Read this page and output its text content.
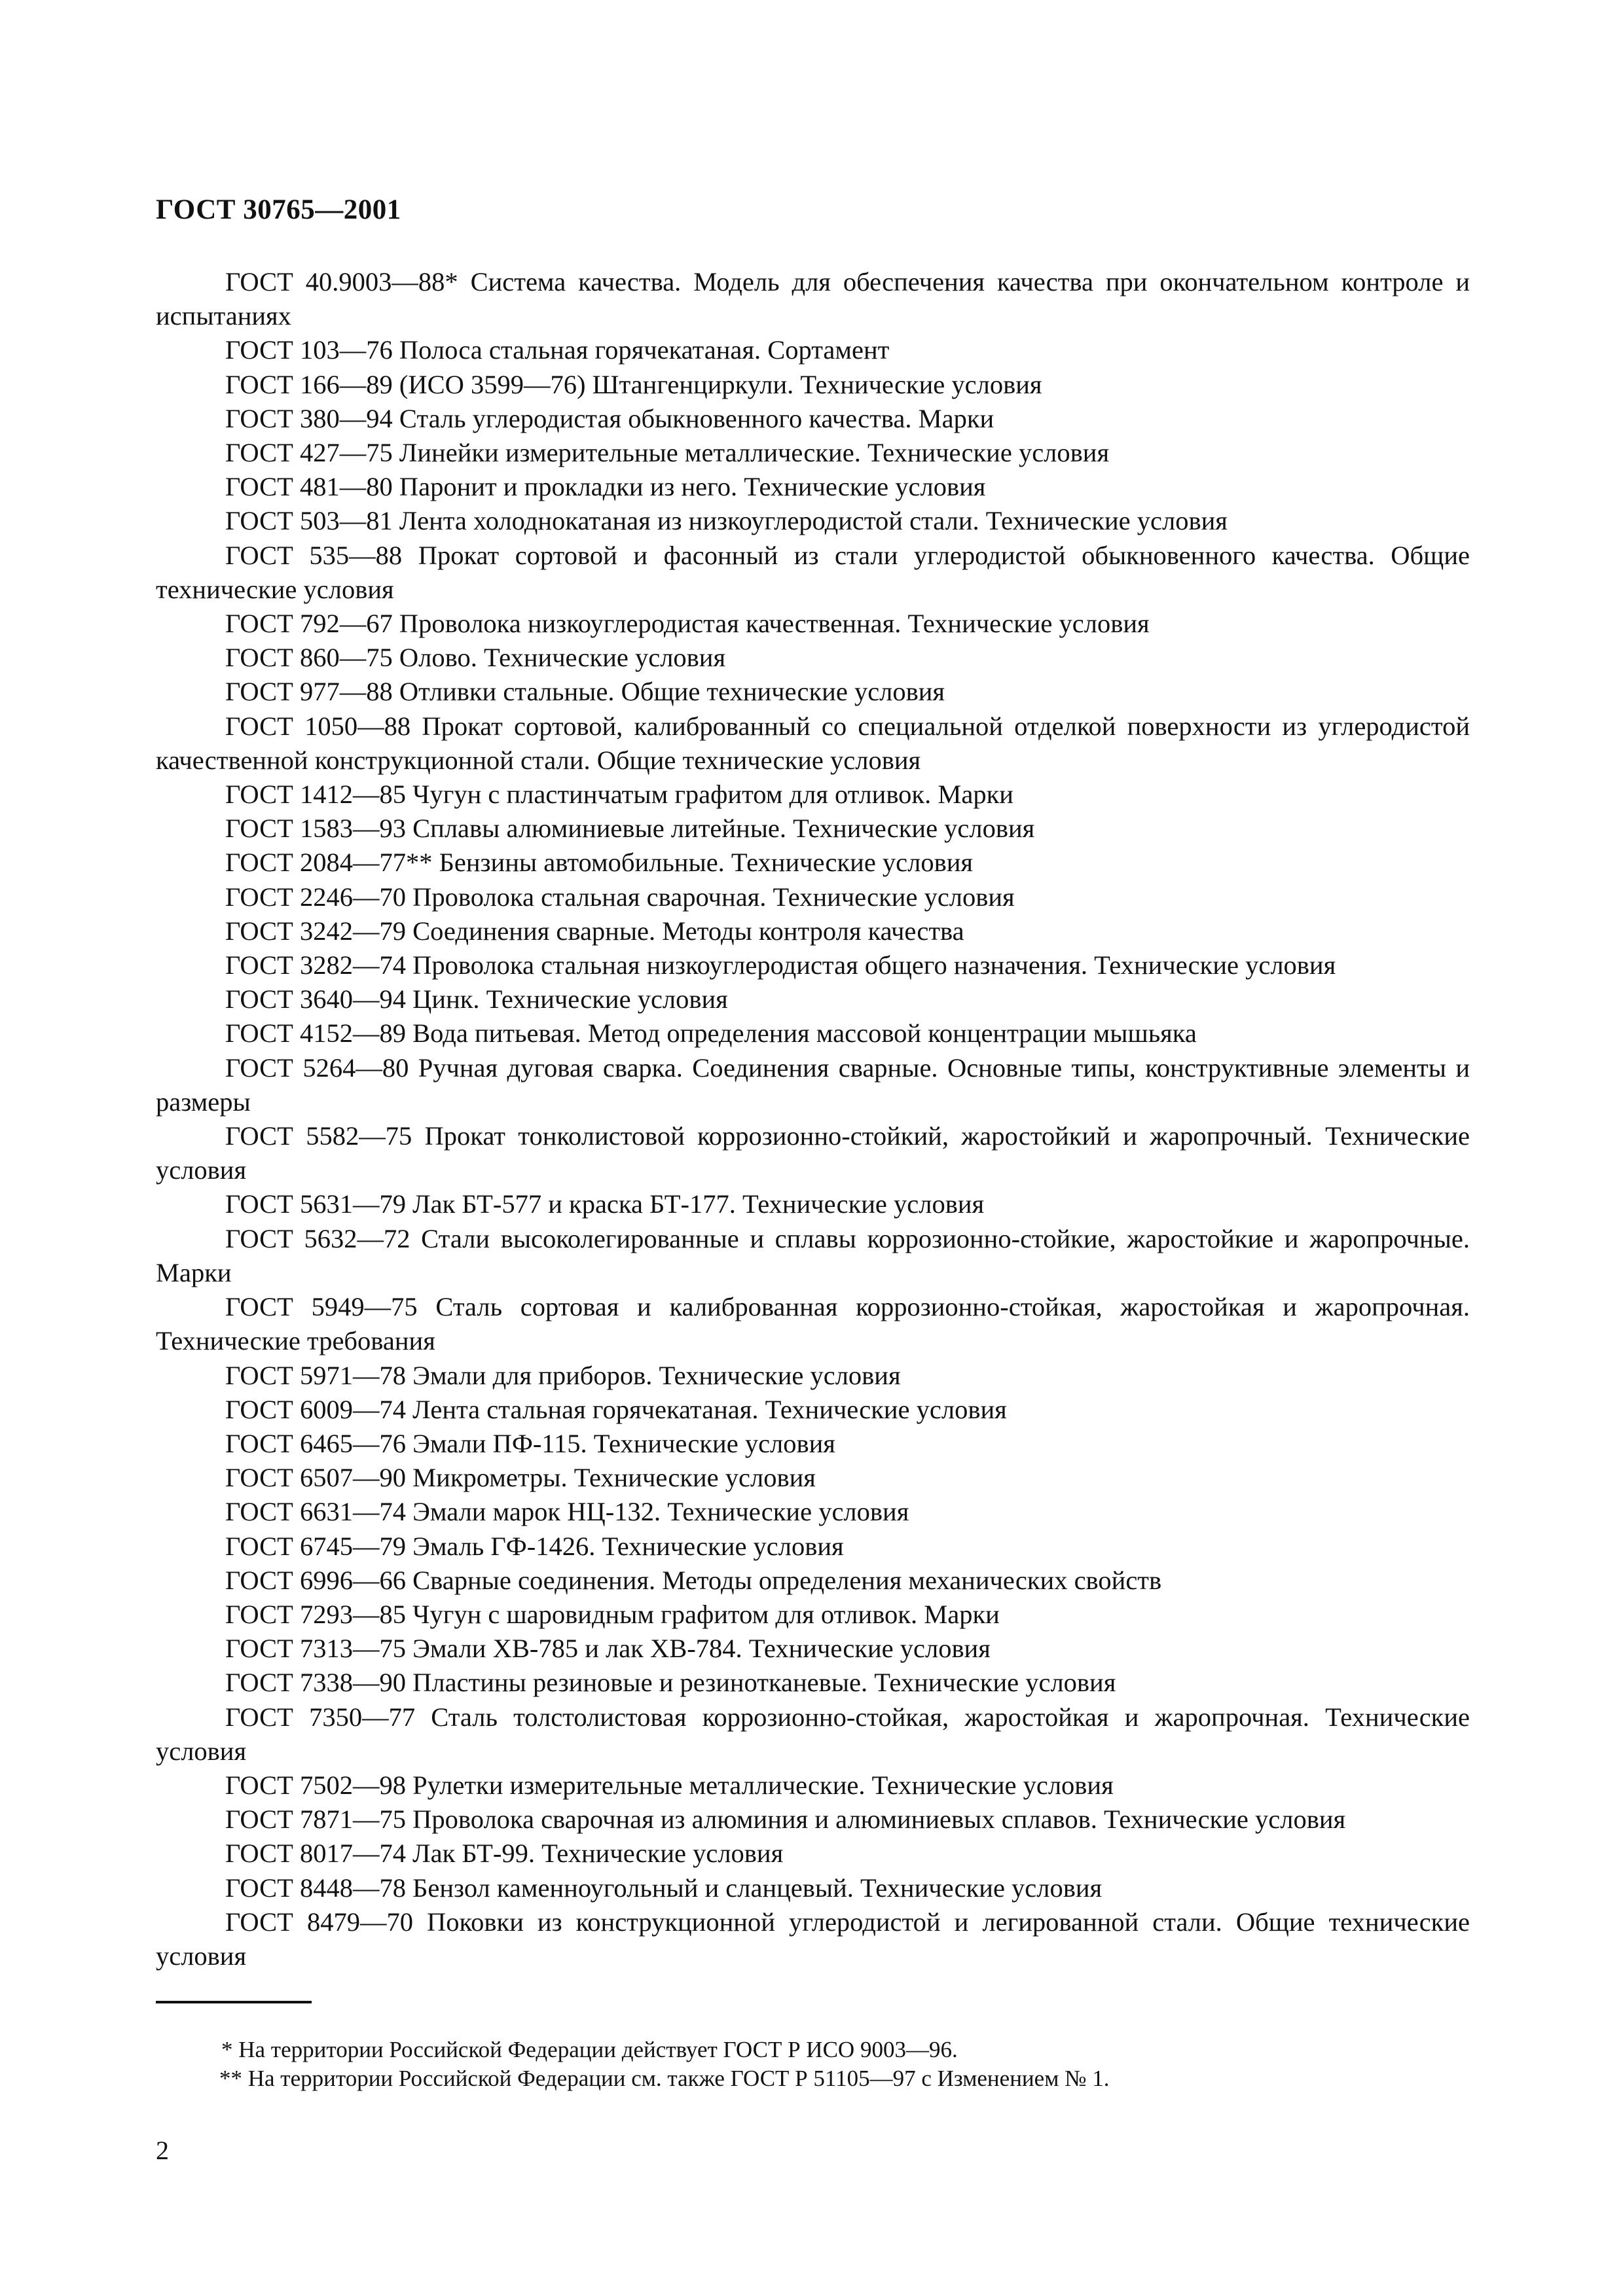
ГОСТ 30765—2001

ГОСТ 40.9003—88* Система качества. Модель для обеспечения качества при окончательном контроле и испытаниях

ГОСТ 103—76 Полоса стальная горячекатаная. Сортамент

ГОСТ 166—89 (ИСО 3599—76) Штангенциркули. Технические условия

ГОСТ 380—94 Сталь углеродистая обыкновенного качества. Марки

ГОСТ 427—75 Линейки измерительные металлические. Технические условия

ГОСТ 481—80 Паронит и прокладки из него. Технические условия

ГОСТ 503—81 Лента холоднокатаная из низкоуглеродистой стали. Технические условия

ГОСТ 535—88 Прокат сортовой и фасонный из стали углеродистой обыкновенного качества. Общие технические условия

ГОСТ 792—67 Проволока низкоуглеродистая качественная. Технические условия

ГОСТ 860—75 Олово. Технические условия

ГОСТ 977—88 Отливки стальные. Общие технические условия

ГОСТ 1050—88 Прокат сортовой, калиброванный со специальной отделкой поверхности из углеродистой качественной конструкционной стали. Общие технические условия

ГОСТ 1412—85 Чугун с пластинчатым графитом для отливок. Марки

ГОСТ 1583—93 Сплавы алюминиевые литейные. Технические условия

ГОСТ 2084—77** Бензины автомобильные. Технические условия

ГОСТ 2246—70 Проволока стальная сварочная. Технические условия

ГОСТ 3242—79 Соединения сварные. Методы контроля качества

ГОСТ 3282—74 Проволока стальная низкоуглеродистая общего назначения. Технические условия

ГОСТ 3640—94 Цинк. Технические условия

ГОСТ 4152—89 Вода питьевая. Метод определения массовой концентрации мышьяка

ГОСТ 5264—80 Ручная дуговая сварка. Соединения сварные. Основные типы, конструктивные элементы и размеры

ГОСТ 5582—75 Прокат тонколистовой коррозионно-стойкий, жаростойкий и жаропрочный. Технические условия

ГОСТ 5631—79 Лак БТ-577 и краска БТ-177. Технические условия

ГОСТ 5632—72 Стали высоколегированные и сплавы коррозионно-стойкие, жаростойкие и жаропрочные. Марки

ГОСТ 5949—75 Сталь сортовая и калиброванная коррозионно-стойкая, жаростойкая и жаропрочная. Технические требования

ГОСТ 5971—78 Эмали для приборов. Технические условия

ГОСТ 6009—74 Лента стальная горячекатаная. Технические условия

ГОСТ 6465—76 Эмали ПФ-115. Технические условия

ГОСТ 6507—90 Микрометры. Технические условия

ГОСТ 6631—74 Эмали марок НЦ-132. Технические условия

ГОСТ 6745—79 Эмаль ГФ-1426. Технические условия

ГОСТ 6996—66 Сварные соединения. Методы определения механических свойств

ГОСТ 7293—85 Чугун с шаровидным графитом для отливок. Марки

ГОСТ 7313—75 Эмали ХВ-785 и лак ХВ-784. Технические условия

ГОСТ 7338—90 Пластины резиновые и резинотканевые. Технические условия

ГОСТ 7350—77 Сталь толстолистовая коррозионно-стойкая, жаростойкая и жаропрочная. Технические условия

ГОСТ 7502—98 Рулетки измерительные металлические. Технические условия

ГОСТ 7871—75 Проволока сварочная из алюминия и алюминиевых сплавов. Технические условия

ГОСТ 8017—74 Лак БТ-99. Технические условия

ГОСТ 8448—78 Бензол каменноугольный и сланцевый. Технические условия

ГОСТ 8479—70 Поковки из конструкционной углеродистой и легированной стали. Общие технические условия

* На территории Российской Федерации действует ГОСТ Р ИСО 9003—96.

** На территории Российской Федерации см. также ГОСТ Р 51105—97 с Изменением № 1.

2
